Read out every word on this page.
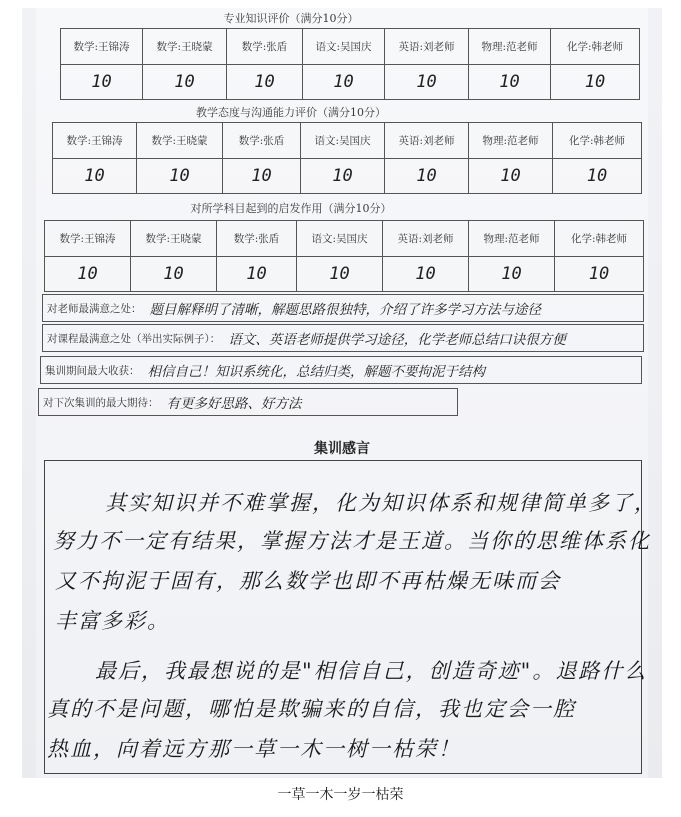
专业知识评价（满分10分）
数学:王锦涛
10
数学:王晓蒙
10
数学:张盾
10
语文:吴国庆
10
英语:刘老师
10
物理:范老师
10
化学:韩老师
10
教学态度与沟通能力评价（满分10分）
数学:王锦涛
10
数学:王晓蒙
10
数学:张盾
10
语文:吴国庆
10
英语:刘老师
10
物理:范老师
10
化学:韩老师
10
对所学科目起到的启发作用（满分10分）
数学:王锦涛
10
数学:王晓蒙
10
数学:张盾
10
语文:吴国庆
10
英语:刘老师
10
物理:范老师
10
化学:韩老师
10
对老师最满意之处： 题目解释明了清晰，解题思路很独特，介绍了许多学习方法与途径
对课程最满意之处（举出实际例子）： 语文、英语老师提供学习途径，化学老师总结口诀很方便
集训期间最大收获： 相信自己！知识系统化，总结归类，解题不要拘泥于结构
对下次集训的最大期待： 有更多好思路、好方法
集训感言
其实知识并不难掌握，化为知识体系和规律简单多了，
努力不一定有结果，掌握方法才是王道。当你的思维体系化
又不拘泥于固有，那么数学也即不再枯燥无味而会
丰富多彩。
最后，我最想说的是"相信自己，创造奇迹"。退路什么
真的不是问题，哪怕是欺骗来的自信，我也定会一腔
热血，向着远方那一草一木一树一枯荣！
一草一木一岁一枯荣
